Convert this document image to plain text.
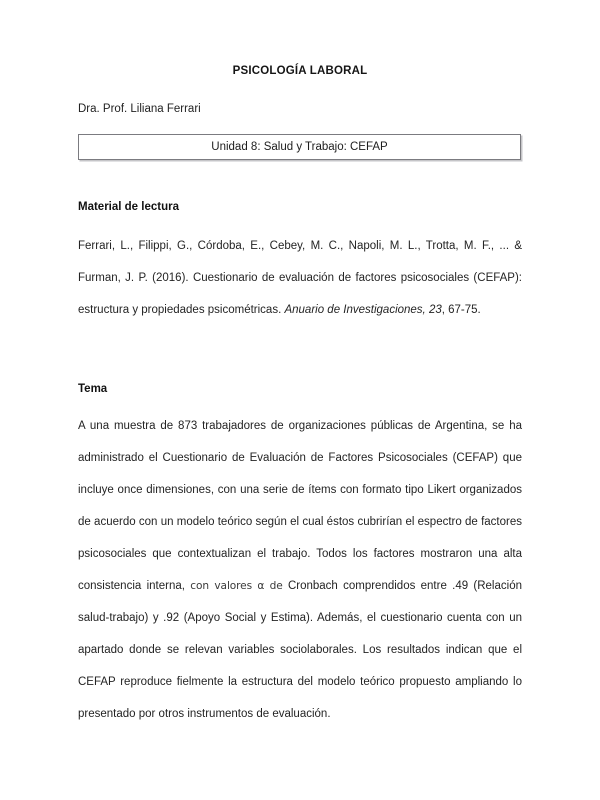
PSICOLOGÍA LABORAL

Dra. Prof. Liliana Ferrari

Unidad 8: Salud y Trabajo: CEFAP
Material de lectura

Ferrari, L., Filippi, G., Córdoba, E., Cebey, M. C., Napoli, M. L., Trotta, M. F., ... & Furman, J. P. (2016). Cuestionario de evaluación de factores psicosociales (CEFAP): estructura y propiedades psicométricas. Anuario de Investigaciones, 23, 67-75.

Tema

A una muestra de 873 trabajadores de organizaciones públicas de Argentina, se ha administrado el Cuestionario de Evaluación de Factores Psicosociales (CEFAP) que incluye once dimensiones, con una serie de ítems con formato tipo Likert organizados de acuerdo con un modelo teórico según el cual éstos cubrirían el espectro de factores psicosociales que contextualizan el trabajo. Todos los factores mostraron una alta consistencia interna, con valores α de Cronbach comprendidos entre .49 (Relación salud-trabajo) y .92 (Apoyo Social y Estima). Además, el cuestionario cuenta con un apartado donde se relevan variables sociolaborales. Los resultados indican que el CEFAP reproduce fielmente la estructura del modelo teórico propuesto ampliando lo presentado por otros instrumentos de evaluación.
